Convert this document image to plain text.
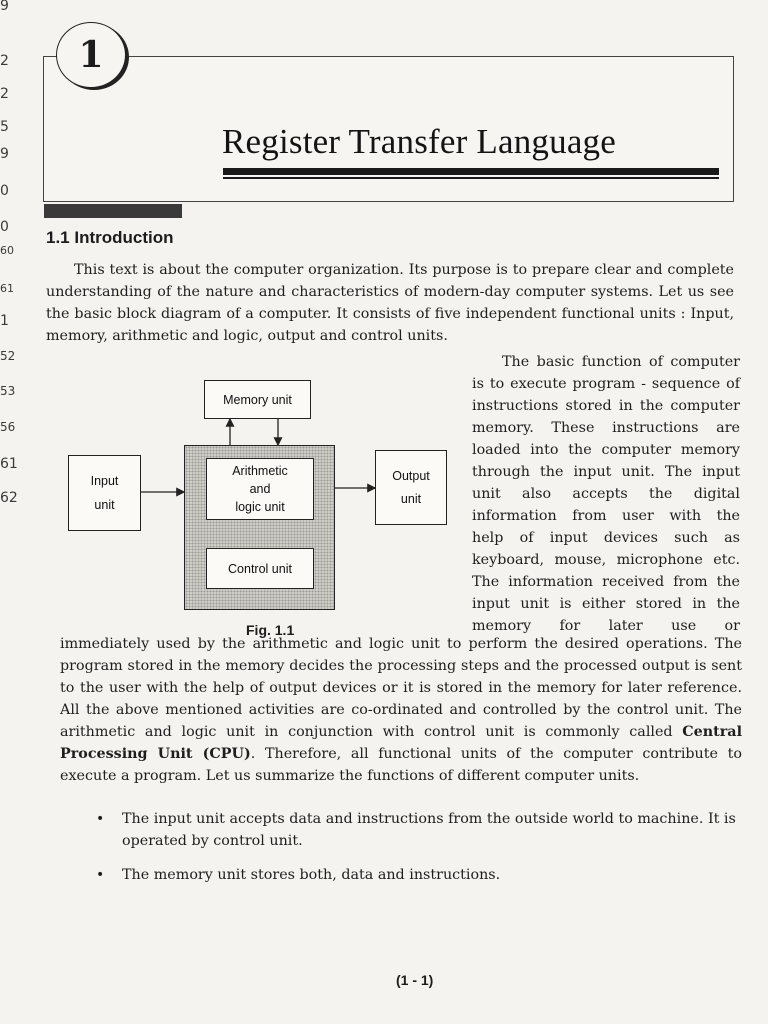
9
2
2
5
9
0
0
60
61
1
52
53
56
61
62
1
Register Transfer Language
1.1 Introduction
This text is about the computer organization. Its purpose is to prepare clear and complete understanding of the nature and characteristics of modern-day computer systems. Let us see the basic block diagram of a computer. It consists of five independent functional units : Input, memory, arithmetic and logic, output and control units.
The basic function of computer
is to execute program - sequence of
instructions stored in the computer
memory. These instructions are
loaded into the computer memory
through the input unit. The input
unit also accepts the digital
information from user with the
help of input devices such as
keyboard, mouse, microphone etc.
The information received from the
input unit is either stored in the
memory for later use or
Memory unit
Arithmetic
and
logic unit
Control unit
Input
unit
Output
unit
Fig. 1.1
immediately used by the arithmetic and logic unit to perform the desired operations. The program stored in the memory decides the processing steps and the processed output is sent to the user with the help of output devices or it is stored in the memory for later reference. All the above mentioned activities are co-ordinated and controlled by the control unit. The arithmetic and logic unit in conjunction with control unit is commonly called Central Processing Unit (CPU). Therefore, all functional units of the computer contribute to execute a program. Let us summarize the functions of different computer units.
• The input unit accepts data and instructions from the outside world to machine. It is operated by control unit.
• The memory unit stores both, data and instructions.
(1 - 1)
